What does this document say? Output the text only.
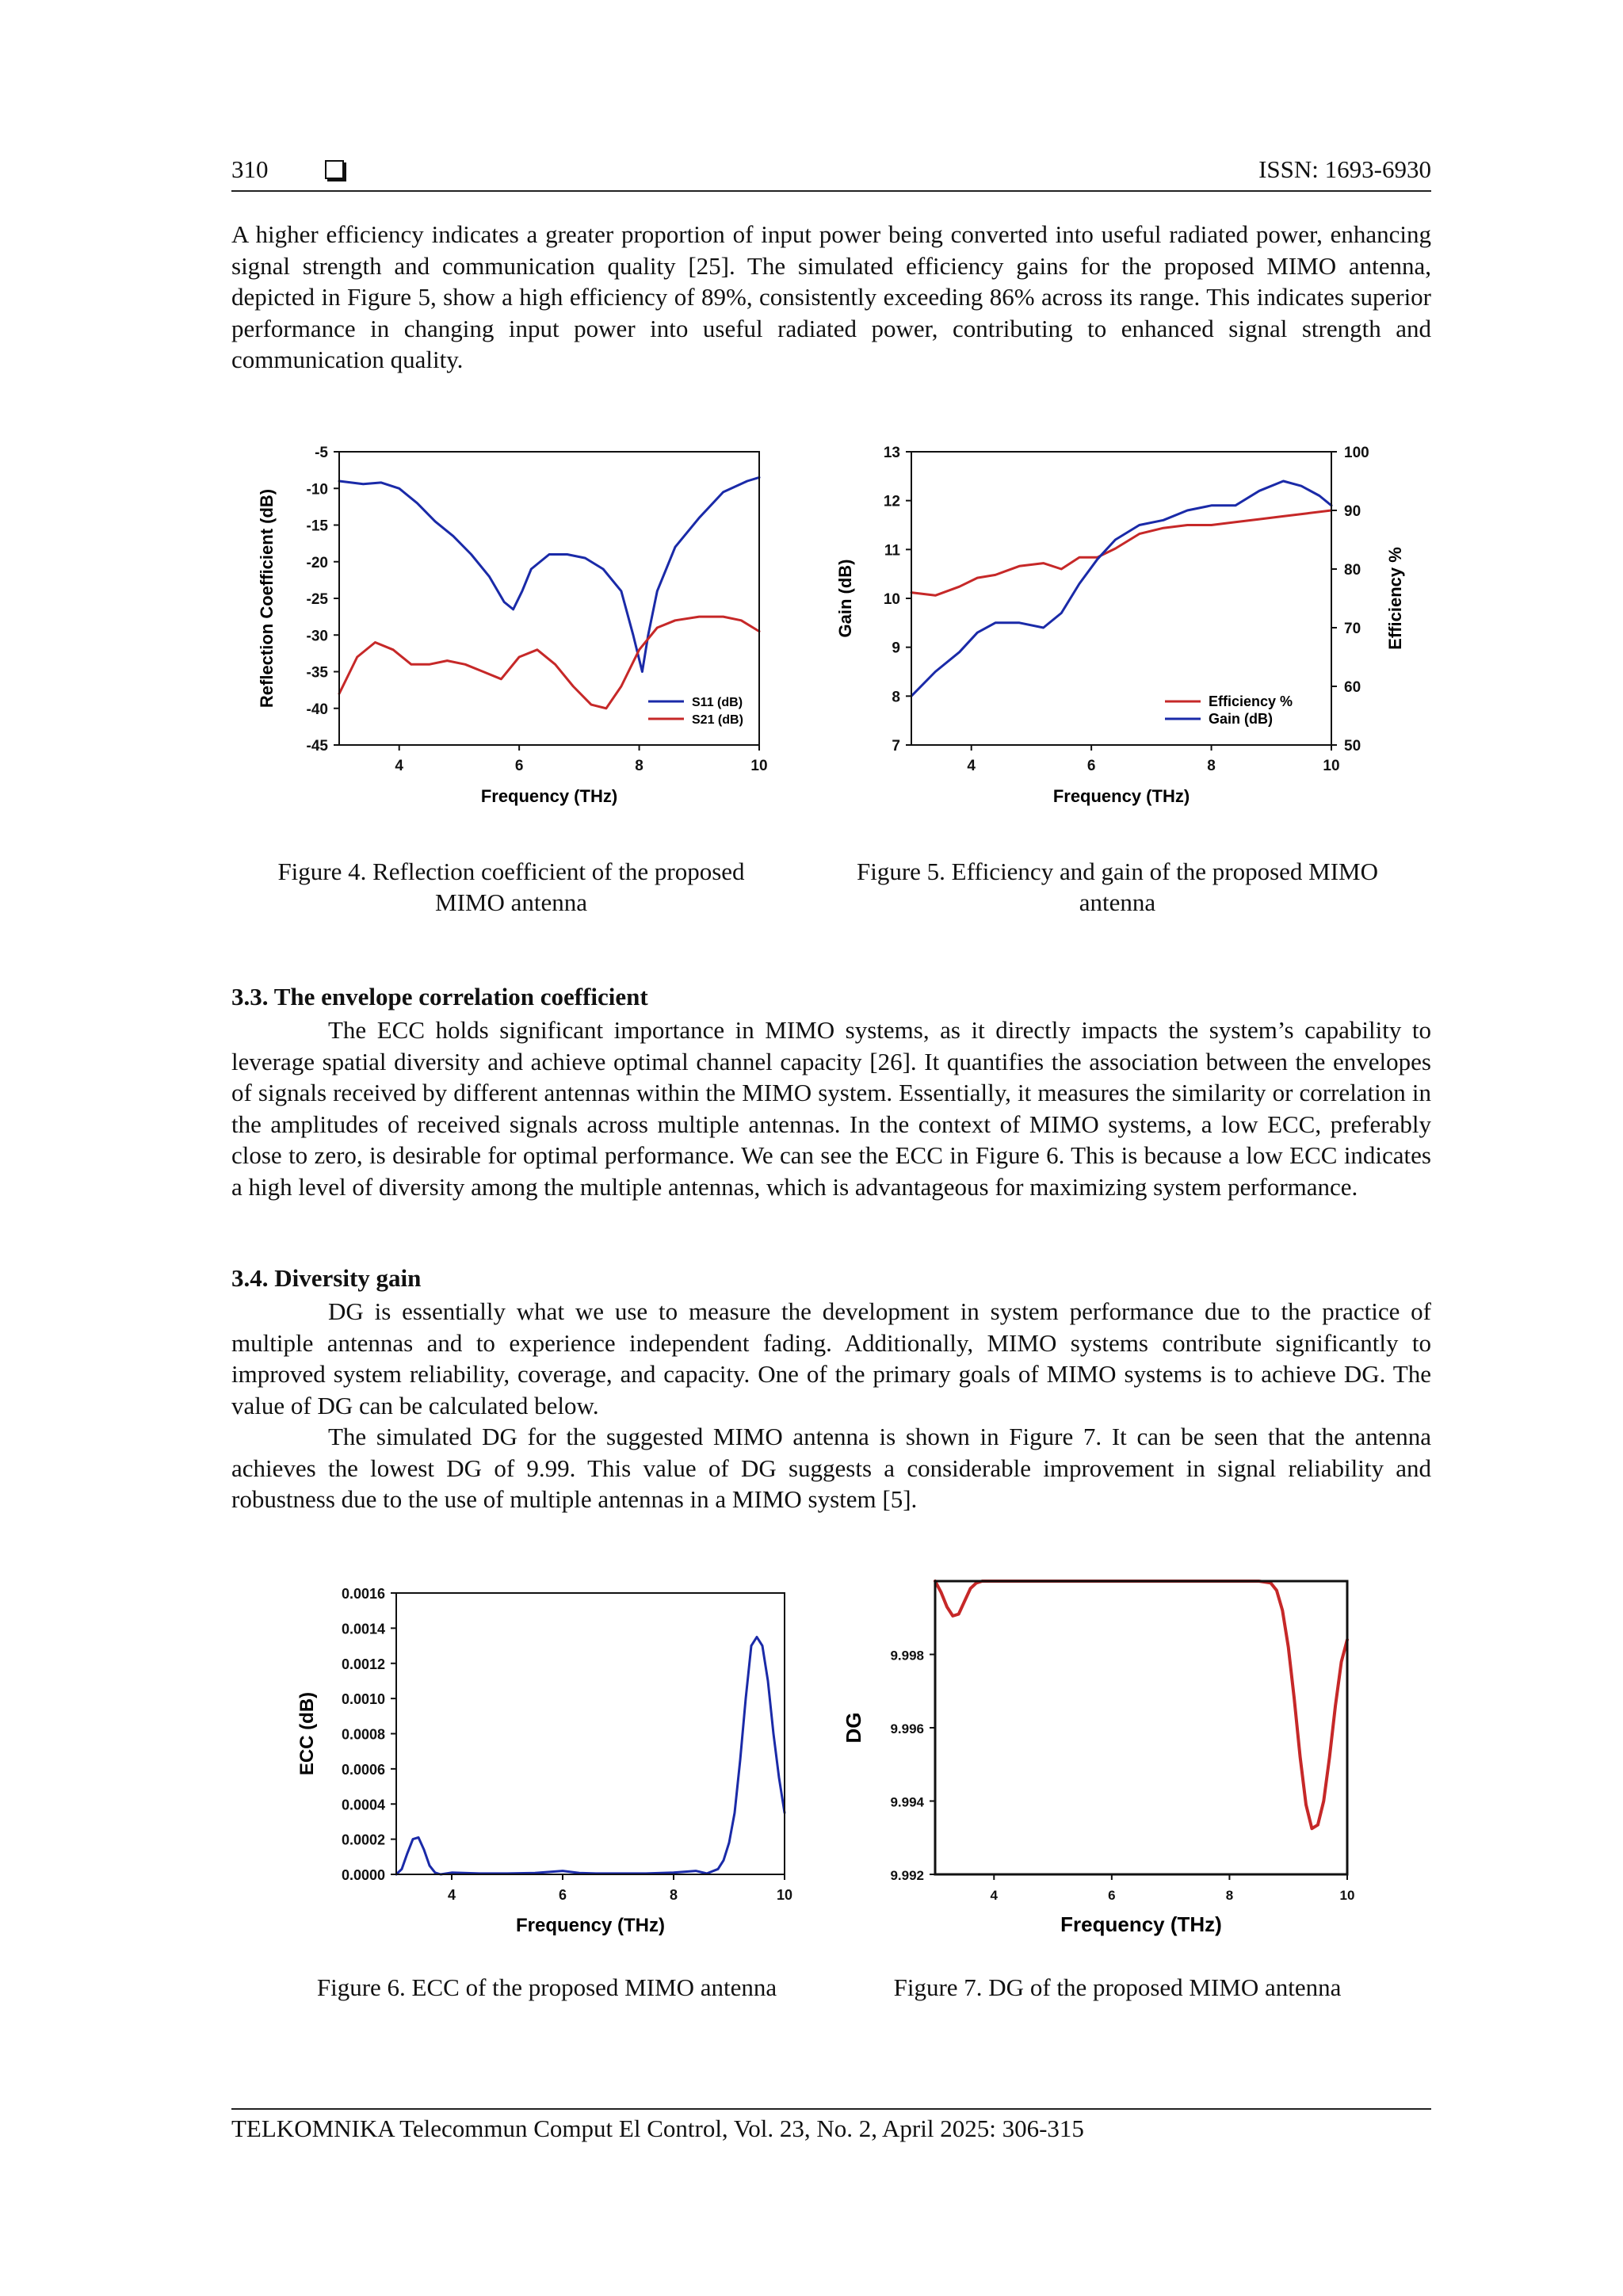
310	ISSN: 1693-6930

A higher efficiency indicates a greater proportion of input power being converted into useful radiated power, enhancing signal strength and communication quality [25]. The simulated efficiency gains for the proposed MIMO antenna, depicted in Figure 5, show a high efficiency of 89%, consistently exceeding 86% across its range. This indicates superior performance in changing input power into useful radiated power, contributing to enhanced signal strength and communication quality.

4	6	8	10
-45
-40
-35
-30
-25
-20
-15
-10
-5
Frequency (THz)
Reflection Coefficient (dB)	S11 (dB)
S21 (dB)
Figure 4. Reflection coefficient of the proposed MIMO antenna
4	6	8	10
7
8
9
10
11
12
13
50
60
70
80
90
100
Frequency (THz)
Gain (dB)	Efficiency %
Efficiency %
Gain (dB)
Figure 5. Efficiency and gain of the proposed MIMO antenna
3.3. The envelope correlation coefficient

The ECC holds significant importance in MIMO systems, as it directly impacts the system’s capability to leverage spatial diversity and achieve optimal channel capacity [26]. It quantifies the association between the envelopes of signals received by different antennas within the MIMO system. Essentially, it measures the similarity or correlation in the amplitudes of received signals across multiple antennas. In the context of MIMO systems, a low ECC, preferably close to zero, is desirable for optimal performance. We can see the ECC in Figure 6. This is because a low ECC indicates a high level of diversity among the multiple antennas, which is advantageous for maximizing system performance.

3.4. Diversity gain

DG is essentially what we use to measure the development in system performance due to the practice of multiple antennas and to experience independent fading. Additionally, MIMO systems contribute significantly to improved system reliability, coverage, and capacity. One of the primary goals of MIMO systems is to achieve DG. The value of DG can be calculated below.

The simulated DG for the suggested MIMO antenna is shown in Figure 7. It can be seen that the antenna achieves the lowest DG of 9.99. This value of DG suggests a considerable improvement in signal reliability and robustness due to the use of multiple antennas in a MIMO system [5].

4	6	8	10
0.0000
0.0002
0.0004
0.0006
0.0008
0.0010
0.0012
0.0014
0.0016
Frequency (THz)
ECC (dB)
Figure 6. ECC of the proposed MIMO antenna
4	6	8	10
9.992
9.994
9.996
9.998
Frequency (THz)
DG
Figure 7. DG of the proposed MIMO antenna
TELKOMNIKA Telecommun Comput El Control, Vol. 23, No. 2, April 2025: 306-315
